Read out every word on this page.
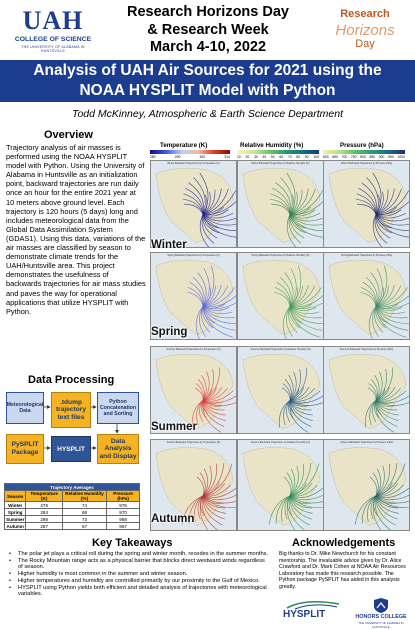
UAH
COLLEGE OF SCIENCE
THE UNIVERSITY OF ALABAMA IN HUNTSVILLE
Research Horizons Day
& Research Week
March 4-10, 2022
Research
Horizons
Day
Analysis of UAH Air Sources for 2021 using the
NOAA HYSPLIT Model with Python
Todd McKinney, Atmospheric & Earth Science Department
Overview
Trajectory analysis of air masses is performed using the NOAA HYSPLIT model with Python. Using the University of Alabama in Huntsville as an initialization point, backward trajectories are run daily once an hour for the entire 2021 year at 10 meters above ground level. Each trajectory is 120 hours (5 days) long and includes meteorological data from the Global Data Assimilation System (GDAS1). Using this data, variations of the air masses are classified by season to demonstrate climate trends for the UAH/Huntsville area. This project demonstrates the usefulness of backwards trajectories for air mass studies and paves the way for operational applications that utilize HYSPLIT with Python.
Data Processing
Meteorological
Data
.tdump
trajectory
text files
Python
Concatenation
and Sorting
PySPLIT
Package	HYSPLIT
Data Analysis
and Display
Trajectory Averages			
Season	Temperature (K)	Relative Humidity (%)	Pressure (hPa)
Winter	276	74	976
Spring	284	66	970
Summer	296	73	988
Autumn	287	67	967
Temperature (K)	Relative Humidity (%)	Pressure (hPa)
280	290	300	310 10 20 30 40 50 60 70 80 90 100 600 650 700 750 800 850 900 950 1000
Winter Backward Trajectories by Temperature (K)	Winter Backward Trajectories by Relative Humidity (%)	Winter Backward Trajectories by Pressure (hPa)
Spring Backward Trajectories by Temperature (K)	Spring Backward Trajectories by Relative Humidity (%)	Spring Backward Trajectories by Pressure (hPa)
Summer Backward Trajectories by Temperature (K)	Summer Backward Trajectories by Relative Humidity (%)	Summer Backward Trajectories by Pressure (hPa)
Autumn Backward Trajectories by Temperature (K)	Autumn Backward Trajectories by Relative Humidity (%)	Autumn Backward Trajectories by Pressure (hPa)
Winter
Spring
Summer
Autumn
Key Takeaways
• The polar jet plays a critical roll during the spring and winter month, recedes in the summer months.
• The Rocky Mountain range acts as a physical barrier that blocks direct westward winds regardless of season.
• Higher humidity is most common in the summer and winter season.
• Higher temperatures and humidity are controlled primarily by our proximity to the Gulf of Mexico.
• HYSPLIT using Python yields both efficient and detailed analysis of trajectories with meteorological variables.
Acknowledgements
Big thanks to Dr. Mike Newchurch for his constant mentorship. The invaluable advice given by Dr. Alice Crawford and Dr. Mark Cohen at NOAA Air Resources Laboratory has made this research possible. The Python package PySPLIT has aided in this analysis greatly.
HYSPLIT	HONORS COLLEGE
THE UNIVERSITY OF ALABAMA IN HUNTSVILLE
